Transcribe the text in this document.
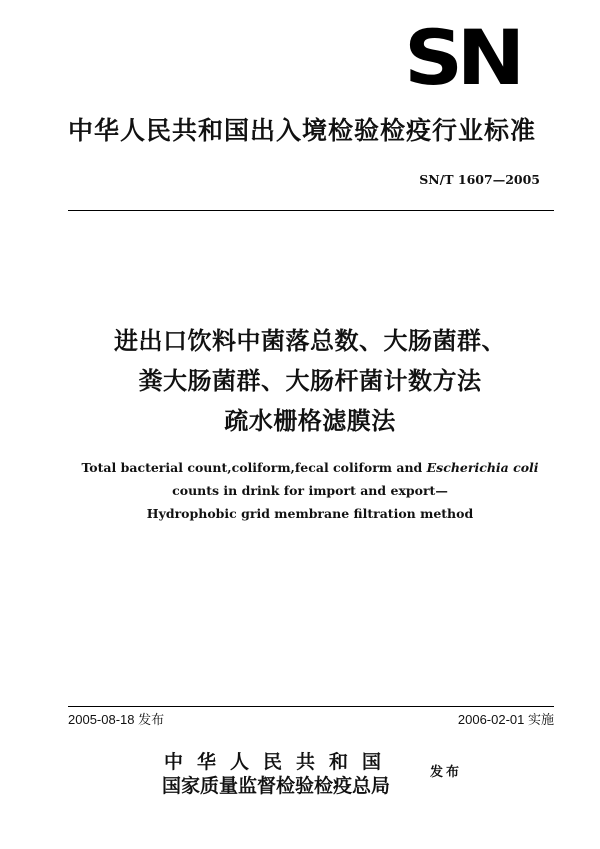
SN
中华人民共和国出入境检验检疫行业标准
SN/T 1607—2005
进出口饮料中菌落总数、大肠菌群、
粪大肠菌群、大肠杆菌计数方法
疏水栅格滤膜法
Total bacterial count,coliform,fecal coliform and Escherichia coli
counts in drink for import and export—
Hydrophobic grid membrane filtration method
2005-08-18 发布	2006-02-01 实施
中华人民共和国
国家质量监督检验检疫总局
发布
